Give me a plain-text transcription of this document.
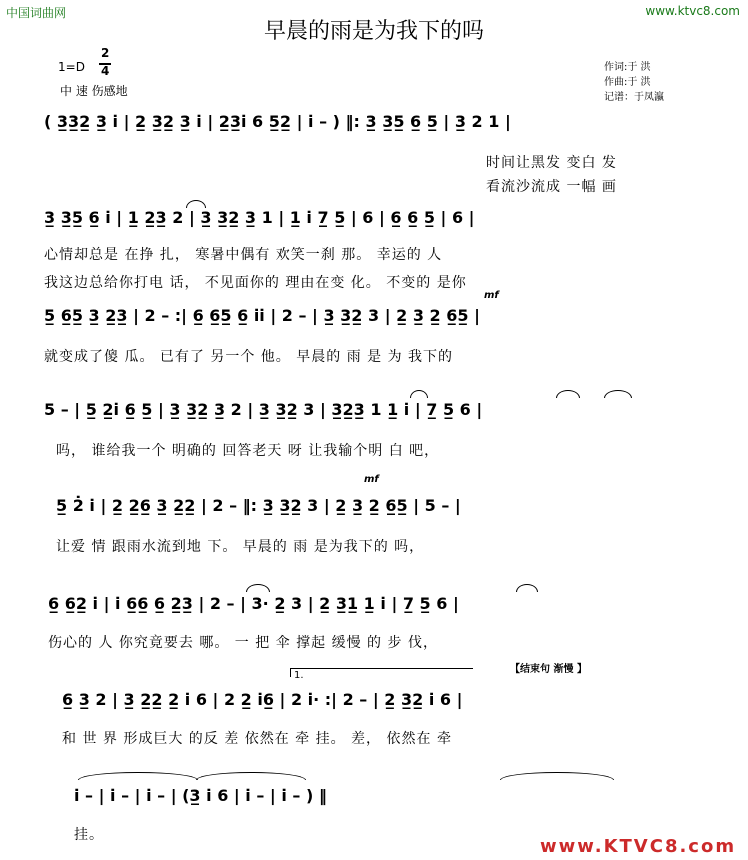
中国词曲网	www.ktvc8.com
早晨的雨是为我下的吗
1=D
2
4
中 速 伤感地
作词:于 洪
作曲:于 洪
记谱：于凤瀛
( 3̲3̲2̲ 3̲ i̇ | 2̲ 3̲2̲ 3̲ i̇ | 2̲3̲i̇ 6 5̲2̲ | i̇ – ) ‖: 3̲ 3̲5̲ 6̲ 5̲ | 3̲ 2 1 |
时间让黑发 变白 发
看流沙流成 一幅 画
3̲ 3̲5̲ 6̲ i̇ | 1̲ 2̲3̲ 2 | 3̲ 3̲2̲ 3̲ 1 | 1̲ i̇ 7̲ 5̲ | 6 | 6̲ 6̲ 5̲ | 6 |
心情却总是 在挣 扎， 寒暑中偶有 欢笑一刹 那。 幸运的 人
我这边总给你打电 话， 不见面你的 理由在变 化。 不变的 是你
5̲ 6̲5̲ 3̲ 2̲3̲ | 2 – :| 6̲ 6̲5̲ 6̲ i̇i̇ | 2 – | 3̲ 3̲2̲ 3 | 2̲ 3̲ 2̲ 6̲5̲ |
mf
就变成了傻 瓜。 已有了 另一个 他。 早晨的 雨 是 为 我下的
5 – | 5̲ 2̲i̇ 6̲ 5̲ | 3̲ 3̲2̲ 3̲ 2 | 3̲ 3̲2̲ 3 | 3̲2̲3̲ 1 1̲ i̇ | 7̲ 5̲ 6 |
吗， 谁给我一个 明确的 回答老天 呀 让我输个明 白 吧，
5̲ 2̇ i̇ | 2̲ 2̲6̲ 3̲ 2̲2̲ | 2 – ‖: 3̲ 3̲2̲ 3 | 2̲ 3̲ 2̲ 6̲5̲ | 5 – |
mf
让爱 情 跟雨水流到地 下。 早晨的 雨 是为我下的 吗，
6̲ 6̲2̲ i̇ | i̇ 6̲6̲ 6̲ 2̲3̲ | 2 – | 3· 2̲ 3 | 2̲ 3̲1̲ 1̲ i̇ | 7̲ 5̲ 6 |
伤心的 人 你究竟要去 哪。 一 把 伞 撑起 缓慢 的 步 伐，
1.
【结束句 渐慢 】
6̲ 3̲ 2 | 3̲ 2̲2̲ 2̲ i̇ 6 | 2 2̲ i̇6̲ | 2 i̇· :| 2 – | 2̲ 3̲2̲ i̇ 6 |
和 世 界 形成巨大 的反 差 依然在 牵 挂。 差， 依然在 牵
i̇ – | i̇ – | i̇ – | (3̲ i̇ 6 | i̇ – | i̇ – ) ‖
挂。
www.KTVC8.com
